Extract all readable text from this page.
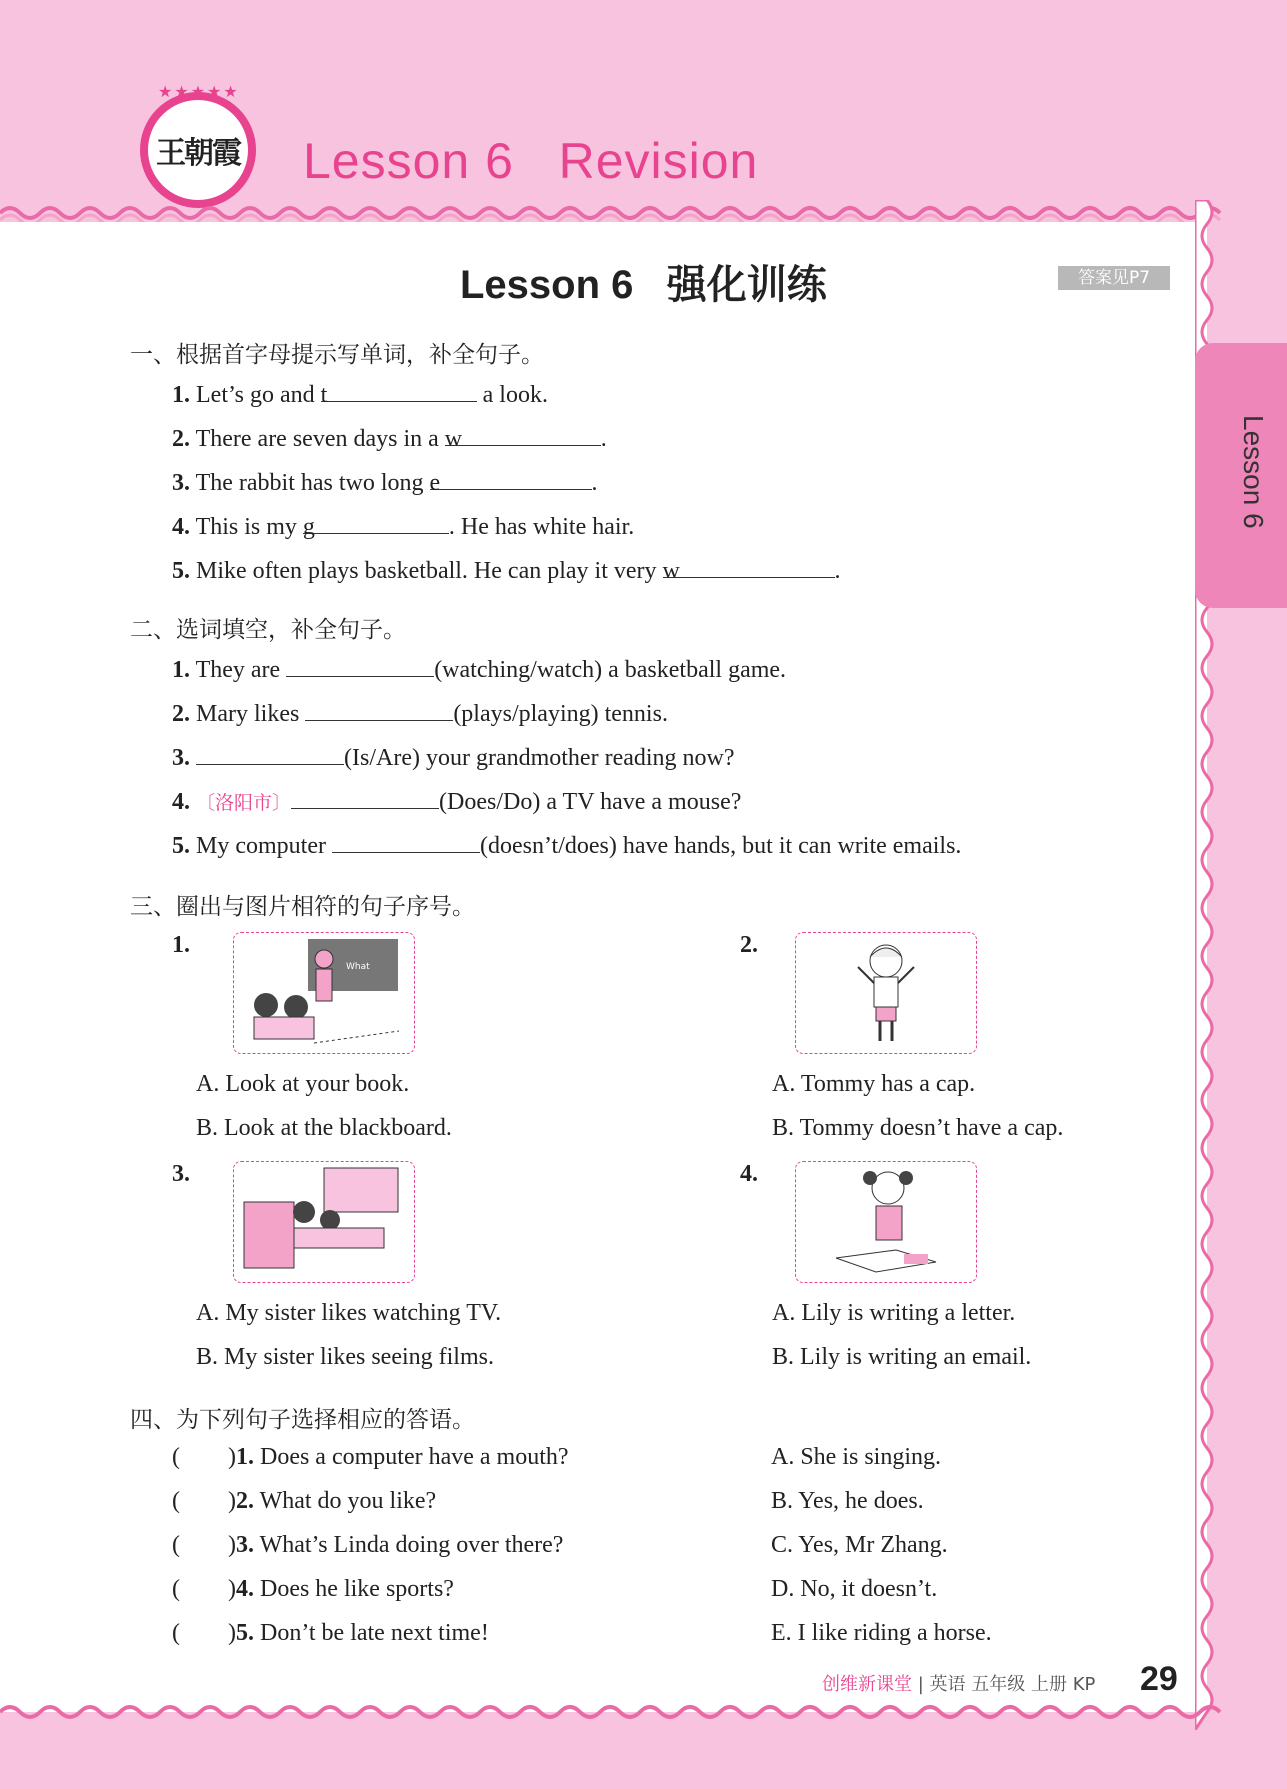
★★★★★
王朝霞 Lesson 6   Revision
Lesson 6
Lesson 6   强化训练	答案见P7
一、根据首字母提示写单词，补全句子。
1. Let’s go and t	a look.
2. There are seven days in a w	.
3. The rabbit has two long e	.
4. This is my g	. He has white hair.
5. Mike often plays basketball. He can play it very w	.
二、选词填空，补全句子。
1. They are	(watching/watch) a basketball game.
2. Mary likes	(plays/playing) tennis.
3.	(Is/Are) your grandmother reading now?
4. 〔洛阳市〕	(Does/Do) a TV have a mouse?
5. My computer	(doesn’t/does) have hands, but it can write emails.
三、圈出与图片相符的句子序号。
1.
What
A. Look at your book.
B. Look at the blackboard.
2.
A. Tommy has a cap.
B. Tommy doesn’t have a cap.
3.
A. My sister likes watching TV.
B. My sister likes seeing films.
4.
A. Lily is writing a letter.
B. Lily is writing an email.
四、为下列句子选择相应的答语。
(        )1. Does a computer have a mouth?	A. She is singing.
(        )2. What do you like?	B. Yes, he does.
(        )3. What’s Linda doing over there?	C. Yes, Mr Zhang.
(        )4. Does he like sports?	D. No, it doesn’t.
(        )5. Don’t be late next time!	E. I like riding a horse.
创维新课堂 | 英语 五年级 上册 KP 29
